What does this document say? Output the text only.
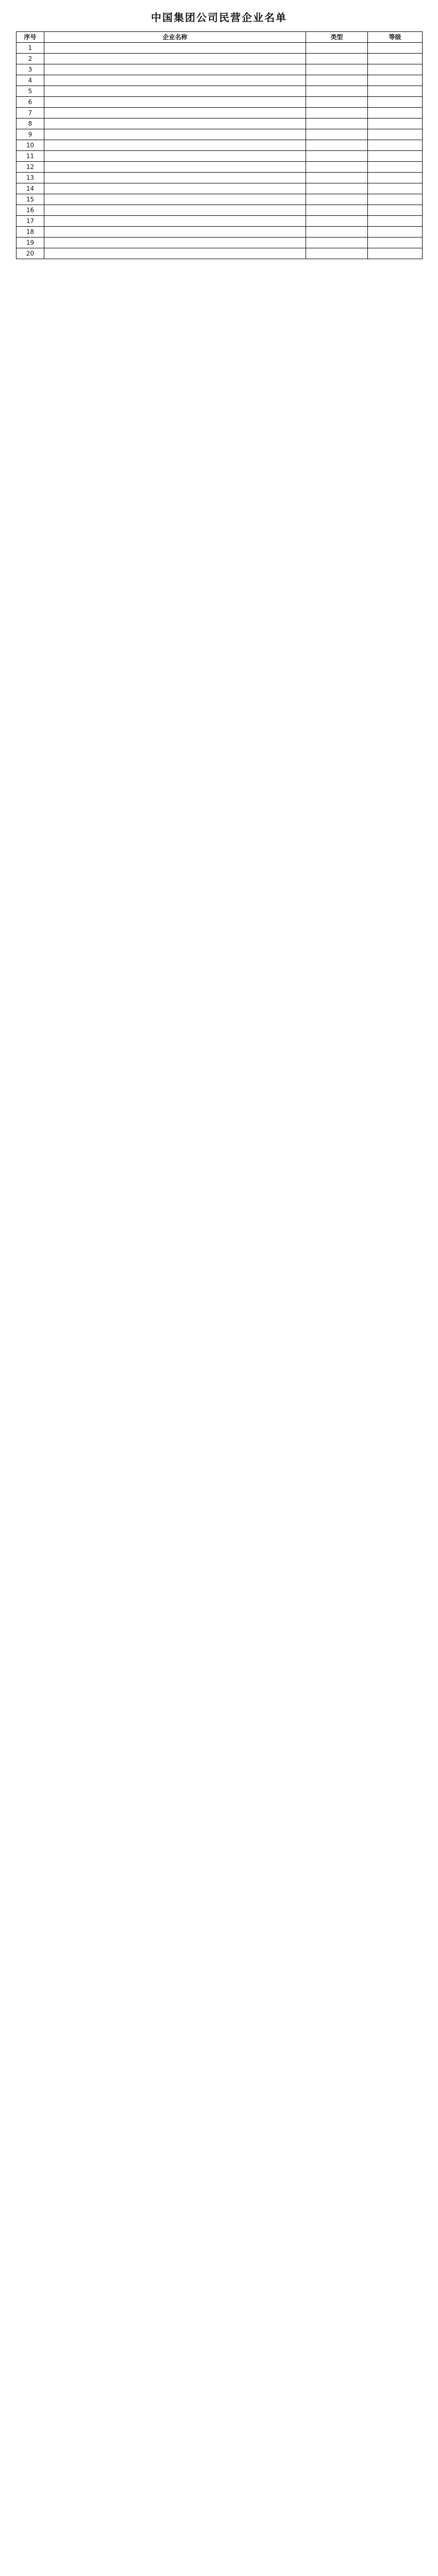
中国集团公司民营企业名单
序号	企业名称	类型	等级
1			
2			
3			
4			
5			
6			
7			
8			
9			
10			
11			
12			
13			
14			
15			
16			
17			
18			
19			
20			
